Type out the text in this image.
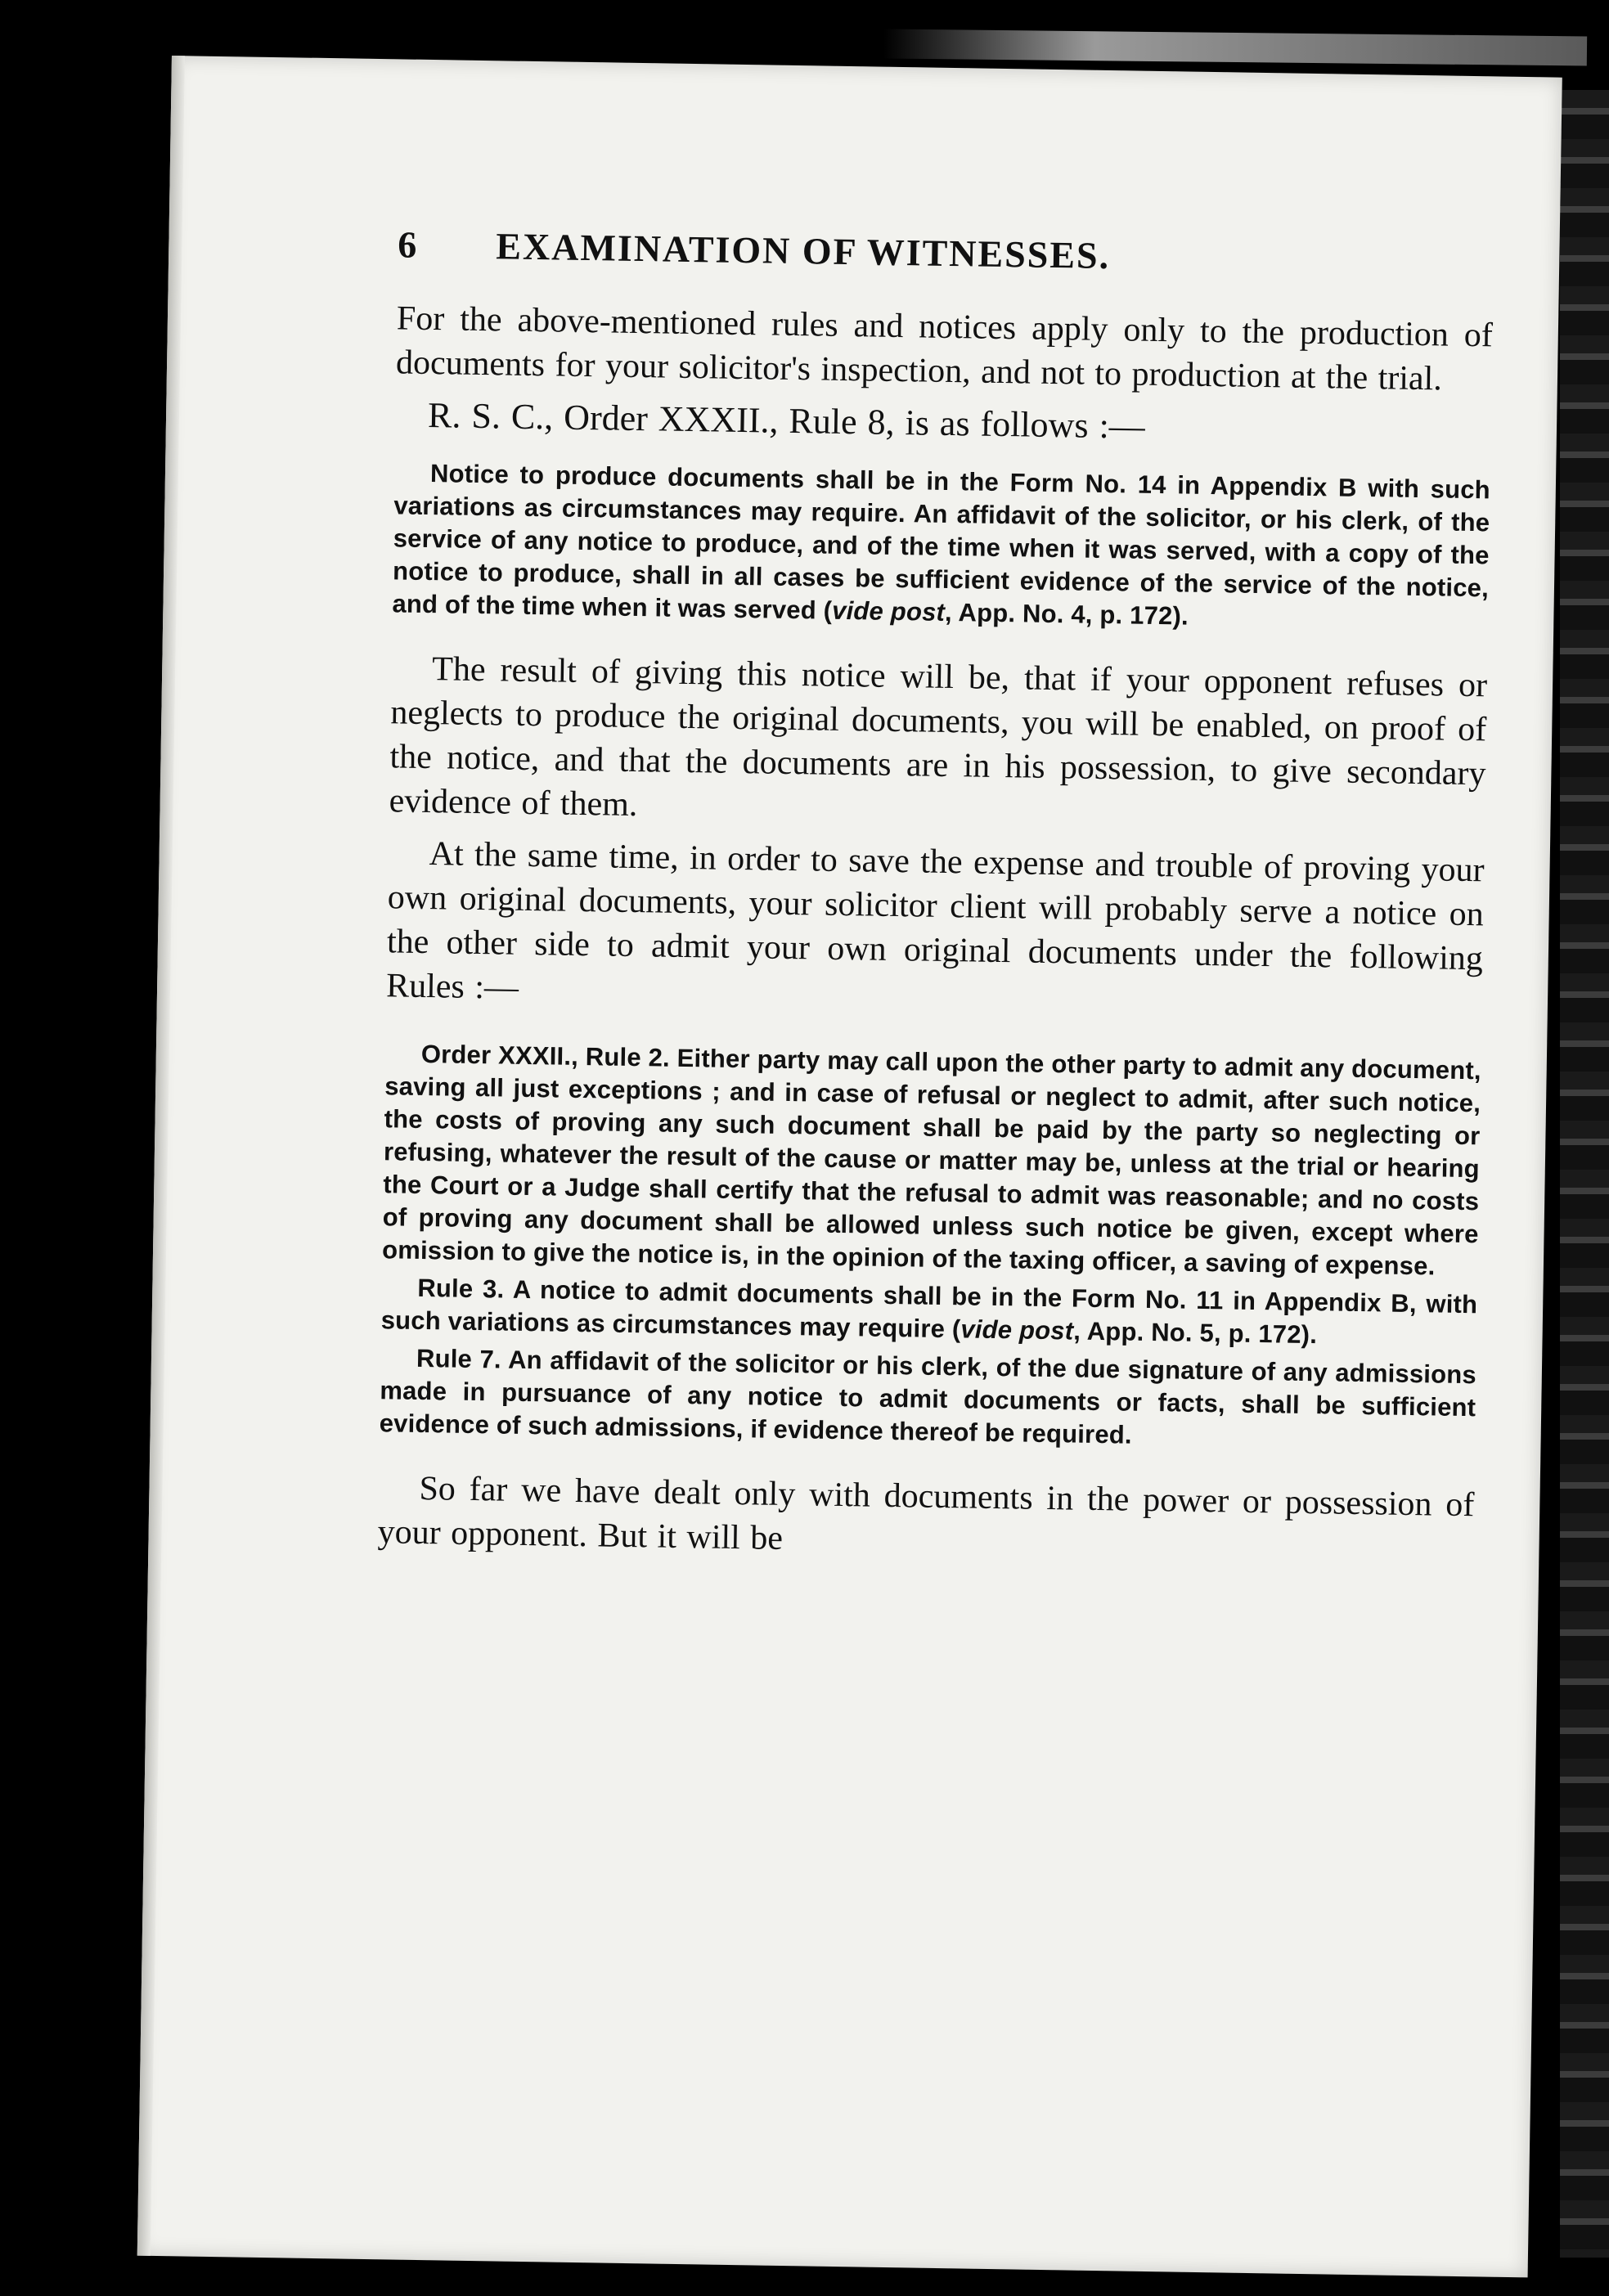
6	EXAMINATION OF WITNESSES.

For the above-mentioned rules and notices apply only to the production of documents for your solicitor's inspection, and not to production at the trial.

R. S. C., Order XXXII., Rule 8, is as follows :—

Notice to produce documents shall be in the Form No. 14 in Appendix B with such variations as circumstances may require. An affidavit of the solicitor, or his clerk, of the service of any notice to produce, and of the time when it was served, with a copy of the notice to produce, shall in all cases be sufficient evidence of the service of the notice, and of the time when it was served (vide post, App. No. 4, p. 172).

The result of giving this notice will be, that if your opponent refuses or neglects to produce the original documents, you will be enabled, on proof of the notice, and that the documents are in his possession, to give secondary evidence of them.

At the same time, in order to save the expense and trouble of proving your own original documents, your solicitor client will probably serve a notice on the other side to admit your own original documents under the following Rules :—

Order XXXII., Rule 2. Either party may call upon the other party to admit any document, saving all just exceptions ; and in case of refusal or neglect to admit, after such notice, the costs of proving any such document shall be paid by the party so neglecting or refusing, whatever the result of the cause or matter may be, unless at the trial or hearing the Court or a Judge shall certify that the refusal to admit was reasonable; and no costs of proving any document shall be allowed unless such notice be given, except where omission to give the notice is, in the opinion of the taxing officer, a saving of expense.

Rule 3. A notice to admit documents shall be in the Form No. 11 in Appendix B, with such variations as circumstances may require (vide post, App. No. 5, p. 172).

Rule 7. An affidavit of the solicitor or his clerk, of the due signature of any admissions made in pursuance of any notice to admit documents or facts, shall be sufficient evidence of such admissions, if evidence thereof be required.

So far we have dealt only with documents in the power or possession of your opponent. But it will be
